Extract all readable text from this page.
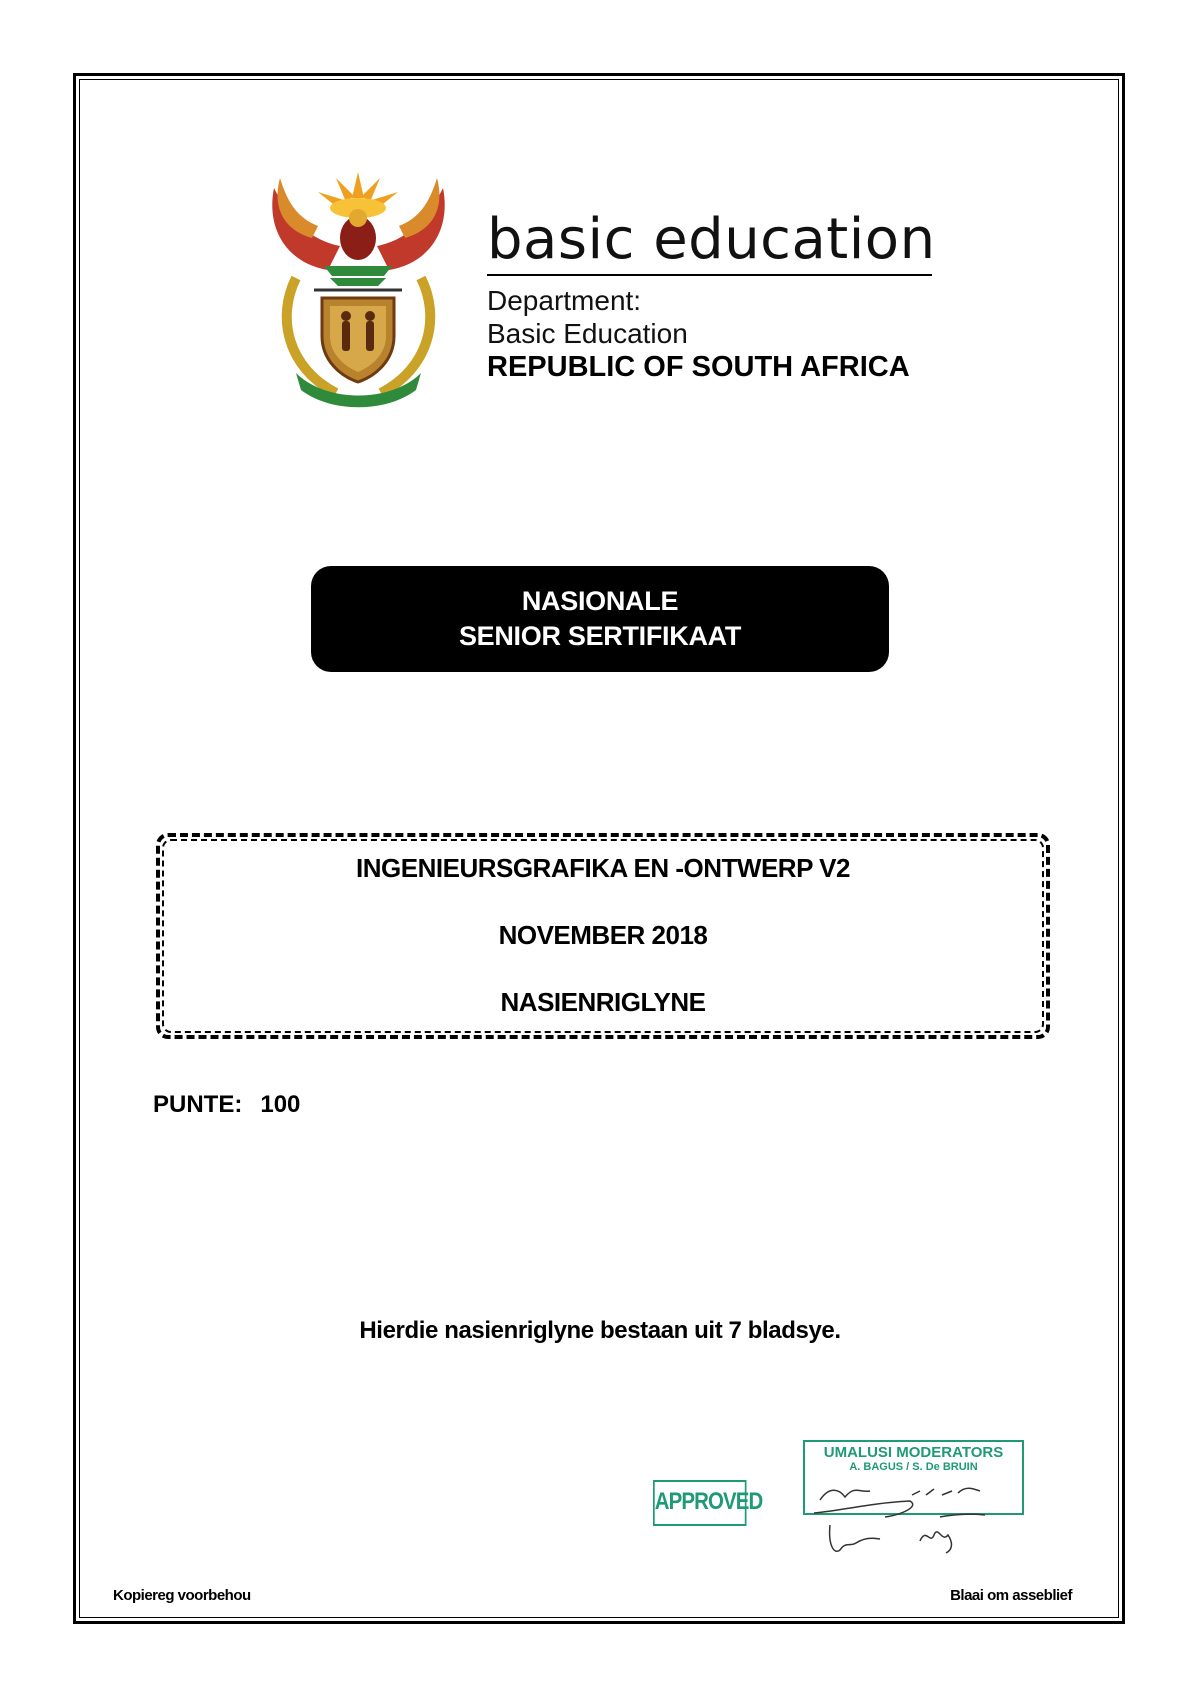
basic education
Department:
Basic Education
REPUBLIC OF SOUTH AFRICA
NASIONALE
SENIOR SERTIFIKAAT
INGENIEURSGRAFIKA EN -ONTWERP V2
NOVEMBER 2018
NASIENRIGLYNE
PUNTE: 100
Hierdie nasienriglyne bestaan uit 7 bladsye.
APPROVED
UMALUSI MODERATORS
A. BAGUS / S. De BRUIN
Kopiereg voorbehou	Blaai om asseblief
